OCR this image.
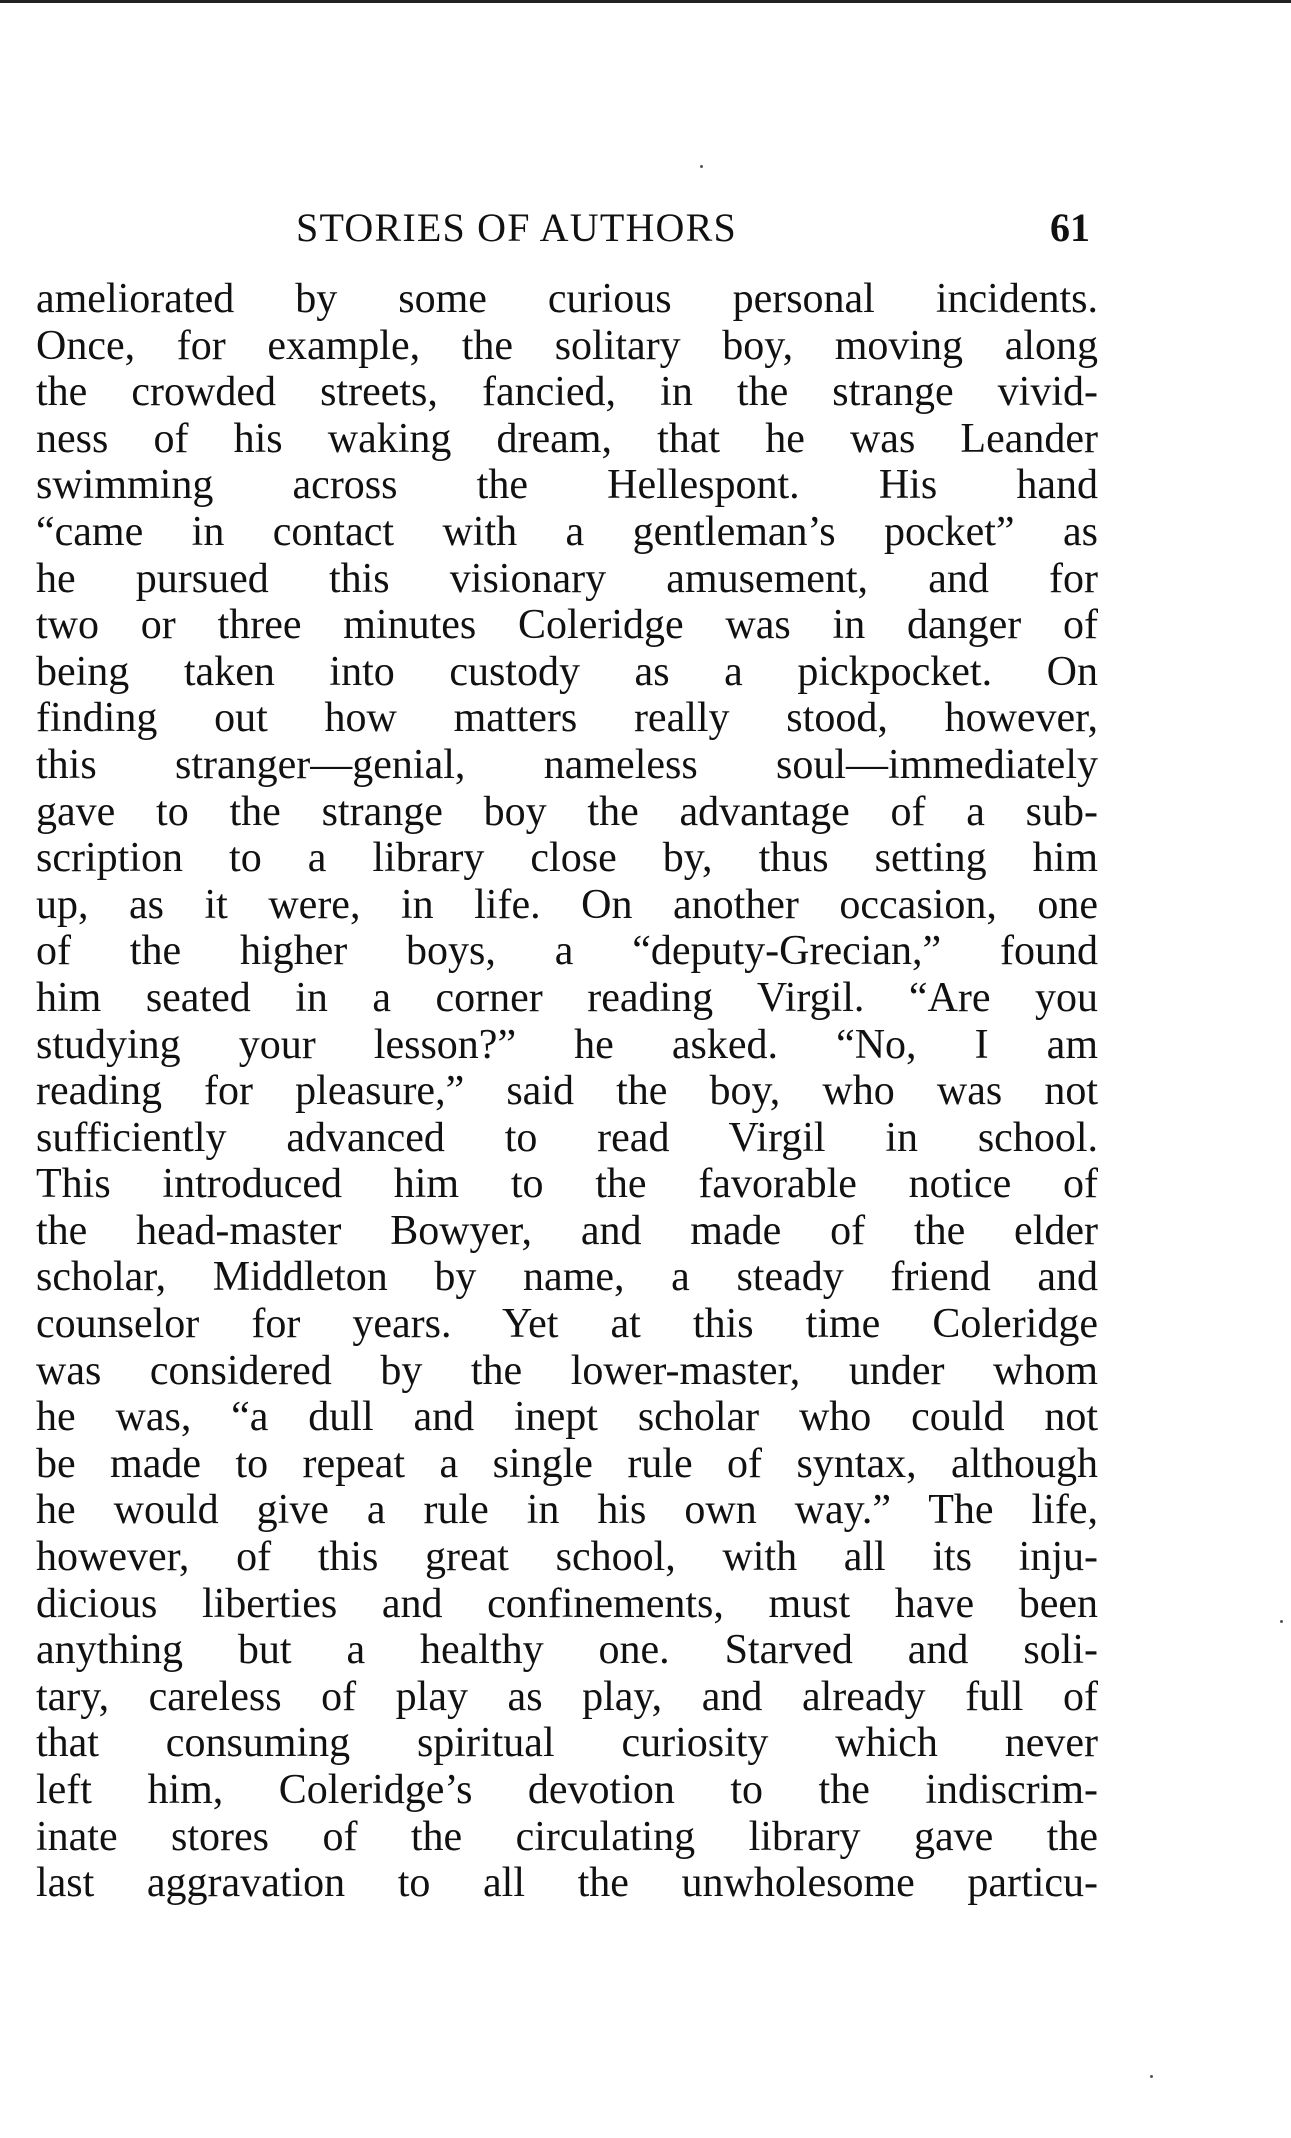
STORIES OF AUTHORS	61
ameliorated by some curious personal incidents.
Once, for example, the solitary boy, moving along
the crowded streets, fancied, in the strange vivid-
ness of his waking dream, that he was Leander
swimming across the Hellespont. His hand
“came in contact with a gentleman’s pocket” as
he pursued this visionary amusement, and for
two or three minutes Coleridge was in danger of
being taken into custody as a pickpocket. On
finding out how matters really stood, however,
this stranger—genial, nameless soul—immediately
gave to the strange boy the advantage of a sub-
scription to a library close by, thus setting him
up, as it were, in life. On another occasion, one
of the higher boys, a “deputy-Grecian,” found
him seated in a corner reading Virgil. “Are you
studying your lesson?” he asked. “No, I am
reading for pleasure,” said the boy, who was not
sufficiently advanced to read Virgil in school.
This introduced him to the favorable notice of
the head-master Bowyer, and made of the elder
scholar, Middleton by name, a steady friend and
counselor for years. Yet at this time Coleridge
was considered by the lower-master, under whom
he was, “a dull and inept scholar who could not
be made to repeat a single rule of syntax, although
he would give a rule in his own way.” The life,
however, of this great school, with all its inju-
dicious liberties and confinements, must have been
anything but a healthy one. Starved and soli-
tary, careless of play as play, and already full of
that consuming spiritual curiosity which never
left him, Coleridge’s devotion to the indiscrim-
inate stores of the circulating library gave the
last aggravation to all the unwholesome particu-
